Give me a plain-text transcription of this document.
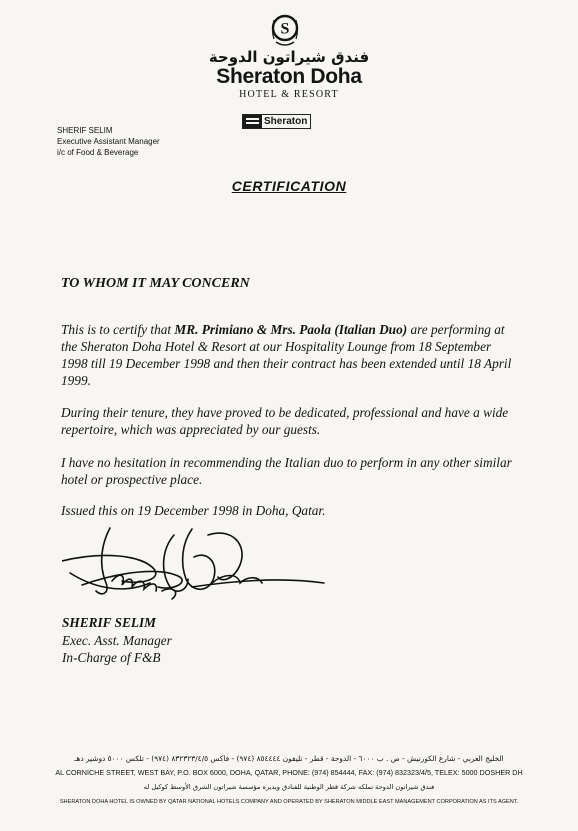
S
فندق شيراتون الدوحة
Sheraton Doha
HOTEL & RESORT
Sheraton
SHERIF SELIM
Executive Assistant Manager
i/c of Food & Beverage
CERTIFICATION
TO WHOM IT MAY CONCERN
This is to certify that MR. Primiano & Mrs. Paola (Italian Duo) are performing at the Sheraton Doha Hotel & Resort at our Hospitality Lounge from 18 September 1998 till 19 December 1998 and then their contract has been extended until 18 April 1999.
During their tenure, they have proved to be dedicated, professional and have a wide repertoire, which was appreciated by our guests.
I have no hesitation in recommending the Italian duo to perform in any other similar hotel or prospective place.
Issued this on 19 December 1998 in Doha, Qatar.
SHERIF SELIM
Exec. Asst. Manager
In-Charge of F&B
الخليج العربي - شارع الكورنيش - ص . ب ٦٠٠٠ - الدوحة - قطر - تليفون ٨٥٤٤٤٤ (٩٧٤) - فاكس ٨٣٢٣٢٣/٤/٥ (٩٧٤) - تلكس ٥٠٠٠ دوشير دهـ
AL CORNICHE STREET, WEST BAY, P.O. BOX 6000, DOHA, QATAR, PHONE: (974) 854444, FAX: (974) 832323/4/5, TELEX: 5000 DOSHER DH
فندق شيراتون الدوحة تملكه شركة قطر الوطنية للفنادق ويديره مؤسسة شيراتون الشرق الأوسط كوكيل له
SHERATON DOHA HOTEL IS OWNED BY QATAR NATIONAL HOTELS COMPANY AND OPERATED BY SHERATON MIDDLE EAST MANAGEMENT CORPORATION AS ITS AGENT.
